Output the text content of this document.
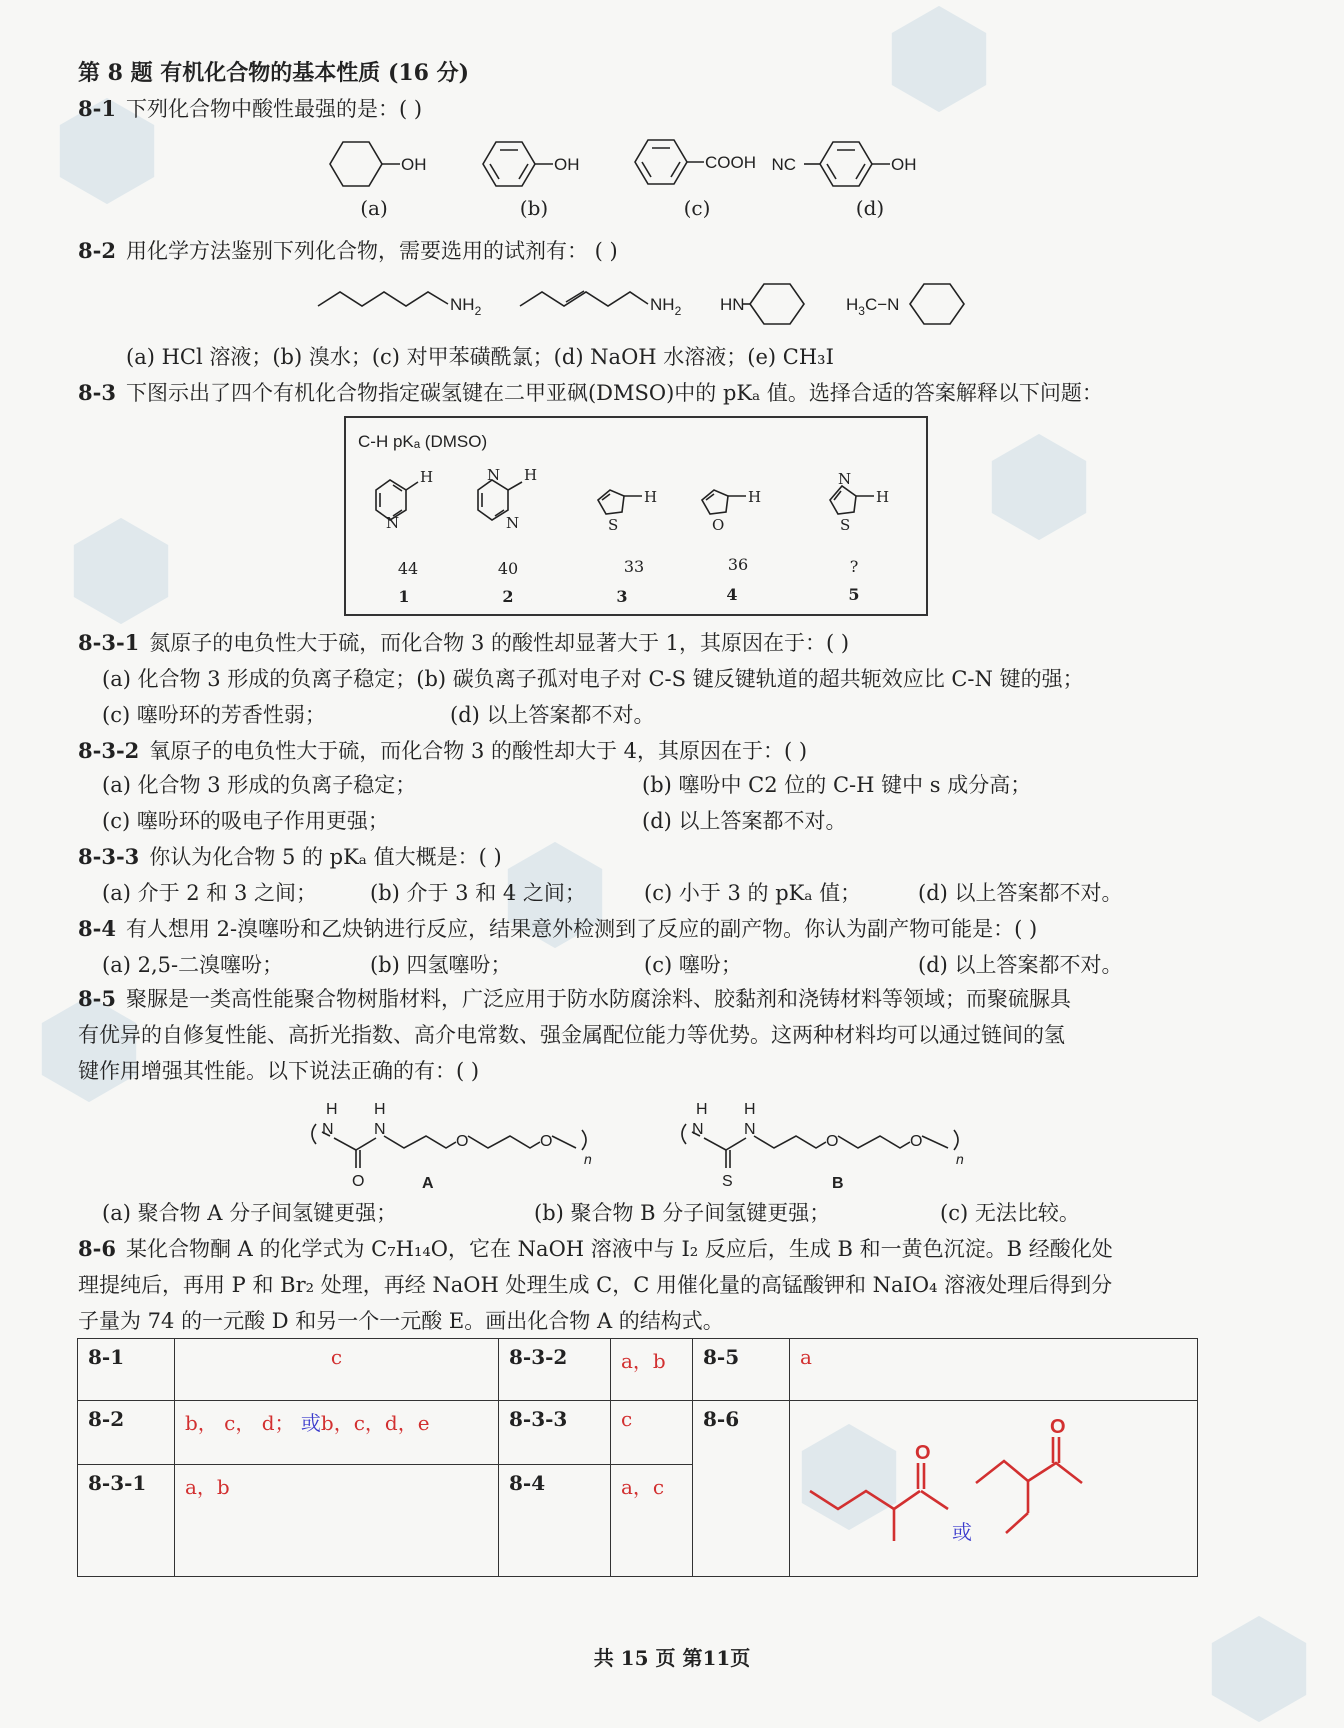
第 8 题 有机化合物的基本性质 (16 分)
8-1 下列化合物中酸性最强的是：( )
OH	OH	COOH NC	OH
(a)	(b)	(c)	(d)
8-2 用化学方法鉴别下列化合物，需要选用的试剂有： ( )
$NH_2$	$NH_2$ HN	$H_3C-N$
(a) HCl 溶液；(b) 溴水；(c) 对甲苯磺酰氯；(d) NaOH 水溶液；(e) CH₃I
8-3 下图示出了四个有机化合物指定碳氢键在二甲亚砜(DMSO)中的 pKₐ 值。选择合适的答案解释以下问题：
C-H pKₐ (DMSO)
H
N
N
N
H
H
S
H
O
N
S
H
44	40	33	36	?
1	2	3	4	5
8-3-1 氮原子的电负性大于硫，而化合物 3 的酸性却显著大于 1，其原因在于：( )
(a) 化合物 3 形成的负离子稳定；(b) 碳负离子孤对电子对 C-S 键反键轨道的超共轭效应比 C-N 键的强；
(c) 噻吩环的芳香性弱；	(d) 以上答案都不对。
8-3-2 氧原子的电负性大于硫，而化合物 3 的酸性却大于 4，其原因在于：( )
(a) 化合物 3 形成的负离子稳定；	(b) 噻吩中 C2 位的 C-H 键中 s 成分高；
(c) 噻吩环的吸电子作用更强；	(d) 以上答案都不对。
8-3-3 你认为化合物 5 的 pKₐ 值大概是：( )
(a) 介于 2 和 3 之间；	(b) 介于 3 和 4 之间；	(c) 小于 3 的 pKₐ 值；	(d) 以上答案都不对。
8-4 有人想用 2-溴噻吩和乙炔钠进行反应，结果意外检测到了反应的副产物。你认为副产物可能是：( )
(a) 2,5-二溴噻吩；	(b) 四氢噻吩；	(c) 噻吩；	(d) 以上答案都不对。
8-5 聚脲是一类高性能聚合物树脂材料，广泛应用于防水防腐涂料、胶黏剂和浇铸材料等领域；而聚硫脲具
有优异的自修复性能、高折光指数、高介电常数、强金属配位能力等优势。这两种材料均可以通过链间的氢
键作用增强其性能。以下说法正确的有：( )
H
N
H
N
O
O	O
n
H
N
H
N
S
O	O
n
A	B
(a) 聚合物 A 分子间氢键更强；	(b) 聚合物 B 分子间氢键更强；	(c) 无法比较。
8-6 某化合物酮 A 的化学式为 C₇H₁₄O，它在 NaOH 溶液中与 I₂ 反应后，生成 B 和一黄色沉淀。B 经酸化处
理提纯后，再用 P 和 Br₂ 处理，再经 NaOH 处理生成 C，C 用催化量的高锰酸钾和 NaIO₄ 溶液处理后得到分
子量为 74 的一元酸 D 和另一个一元酸 E。画出化合物 A 的结构式。
8-1	c	8-3-2	a，b	8-5	a
8-2	b， c， d； 或b，c，d，e	8-3-3	c	8-6	O
O
或

8-3-1	a，b	8-4	a，c		
共 15 页 第11页
